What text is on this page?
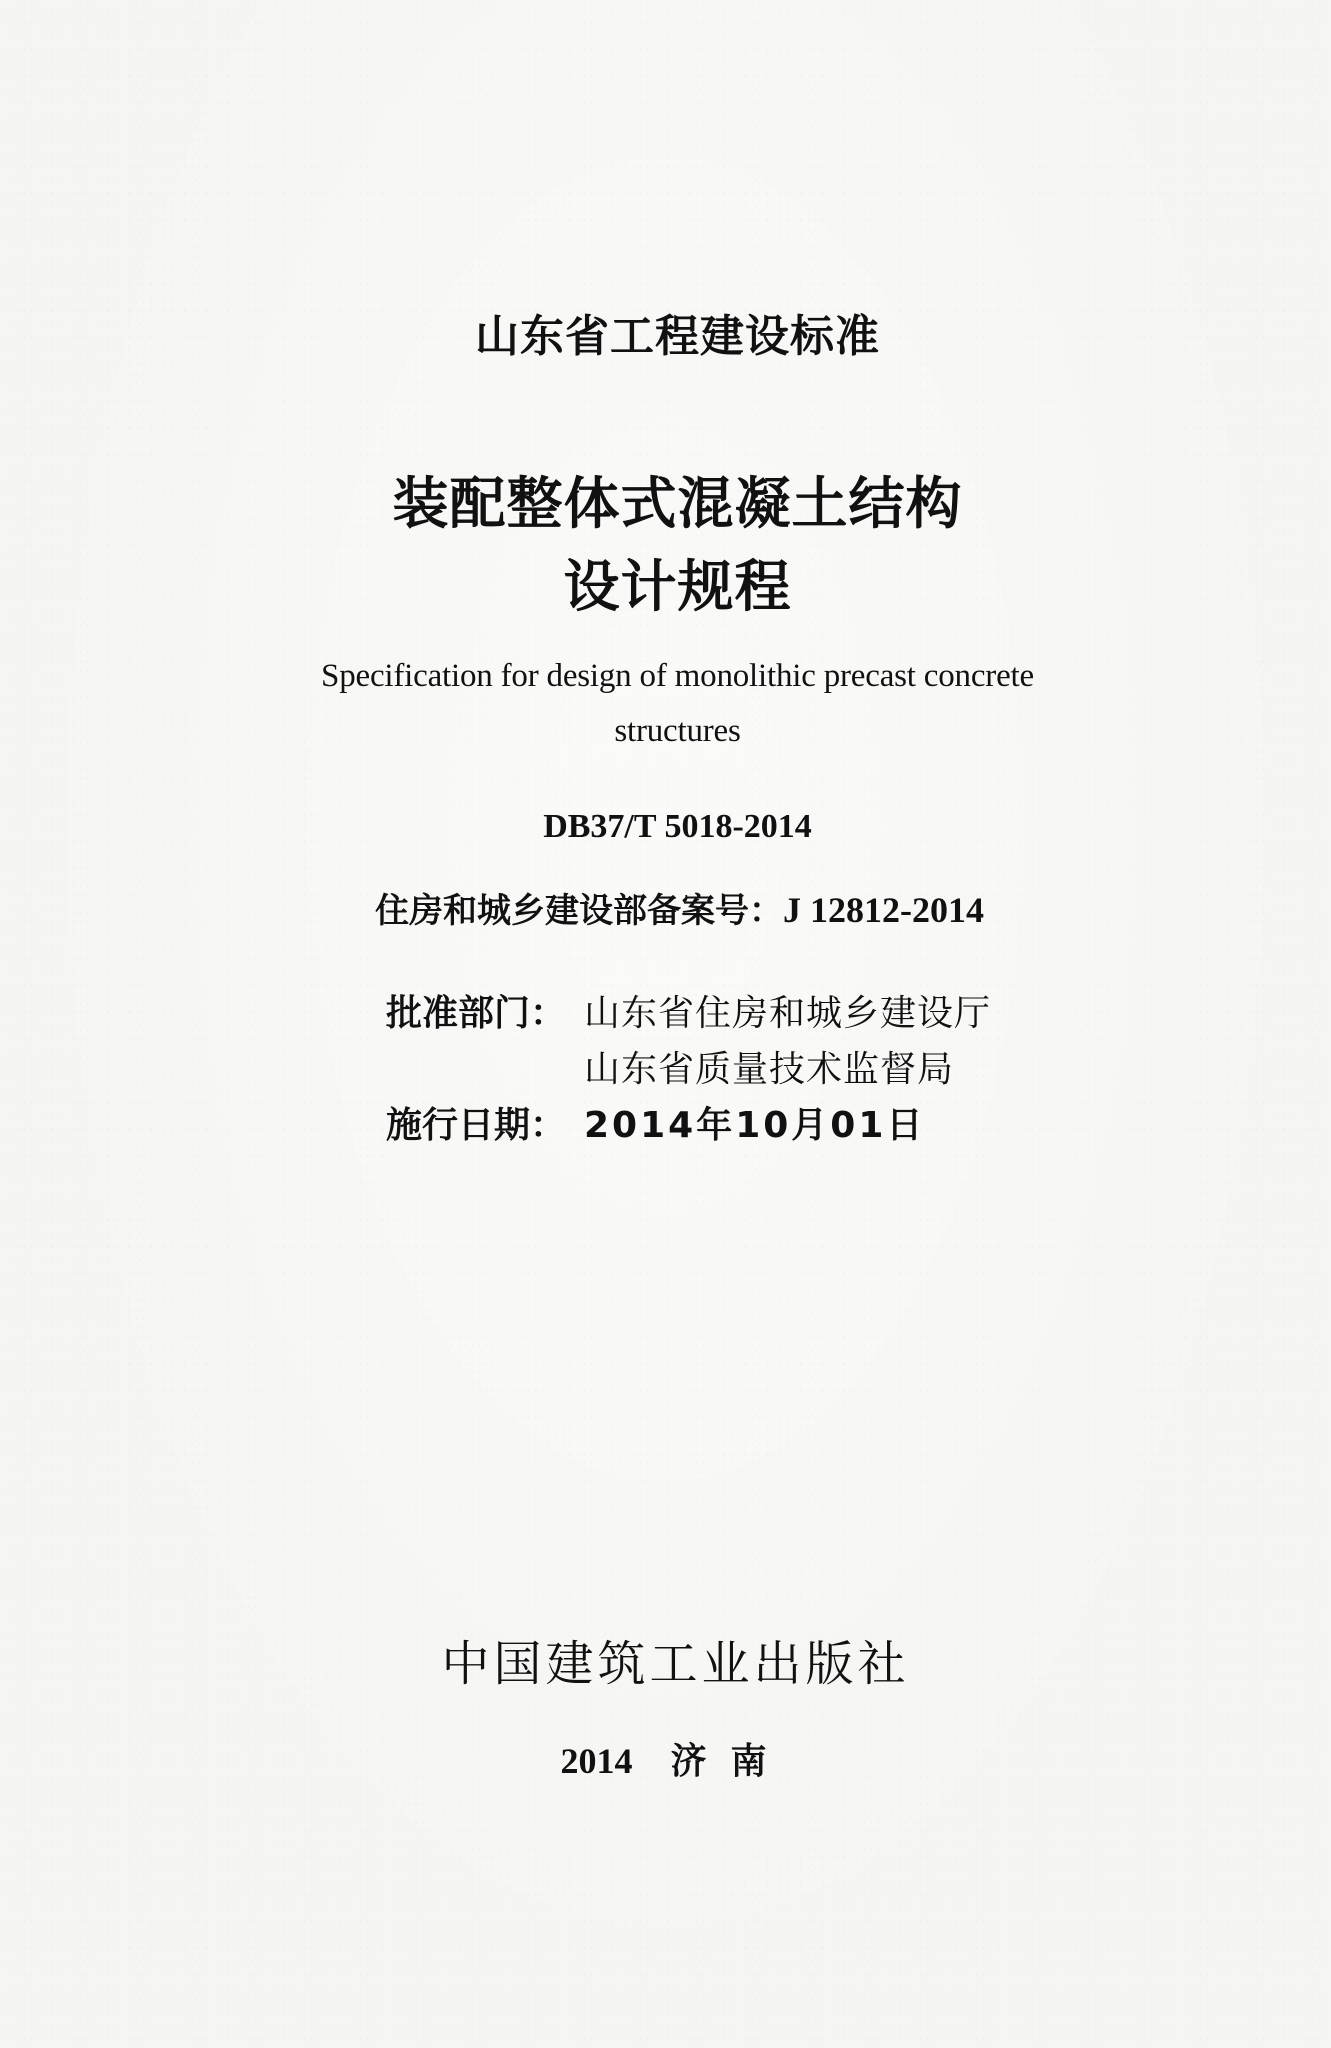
山东省工程建设标准
装配整体式混凝土结构
设计规程
Specification for design of monolithic precast concrete
structures
DB37/T 5018-2014
住房和城乡建设部备案号：J 12812-2014
批准部门： 山东省住房和城乡建设厅
山东省质量技术监督局
施行日期： 2014年10月01日
中国建筑工业出版社
2014 济南
